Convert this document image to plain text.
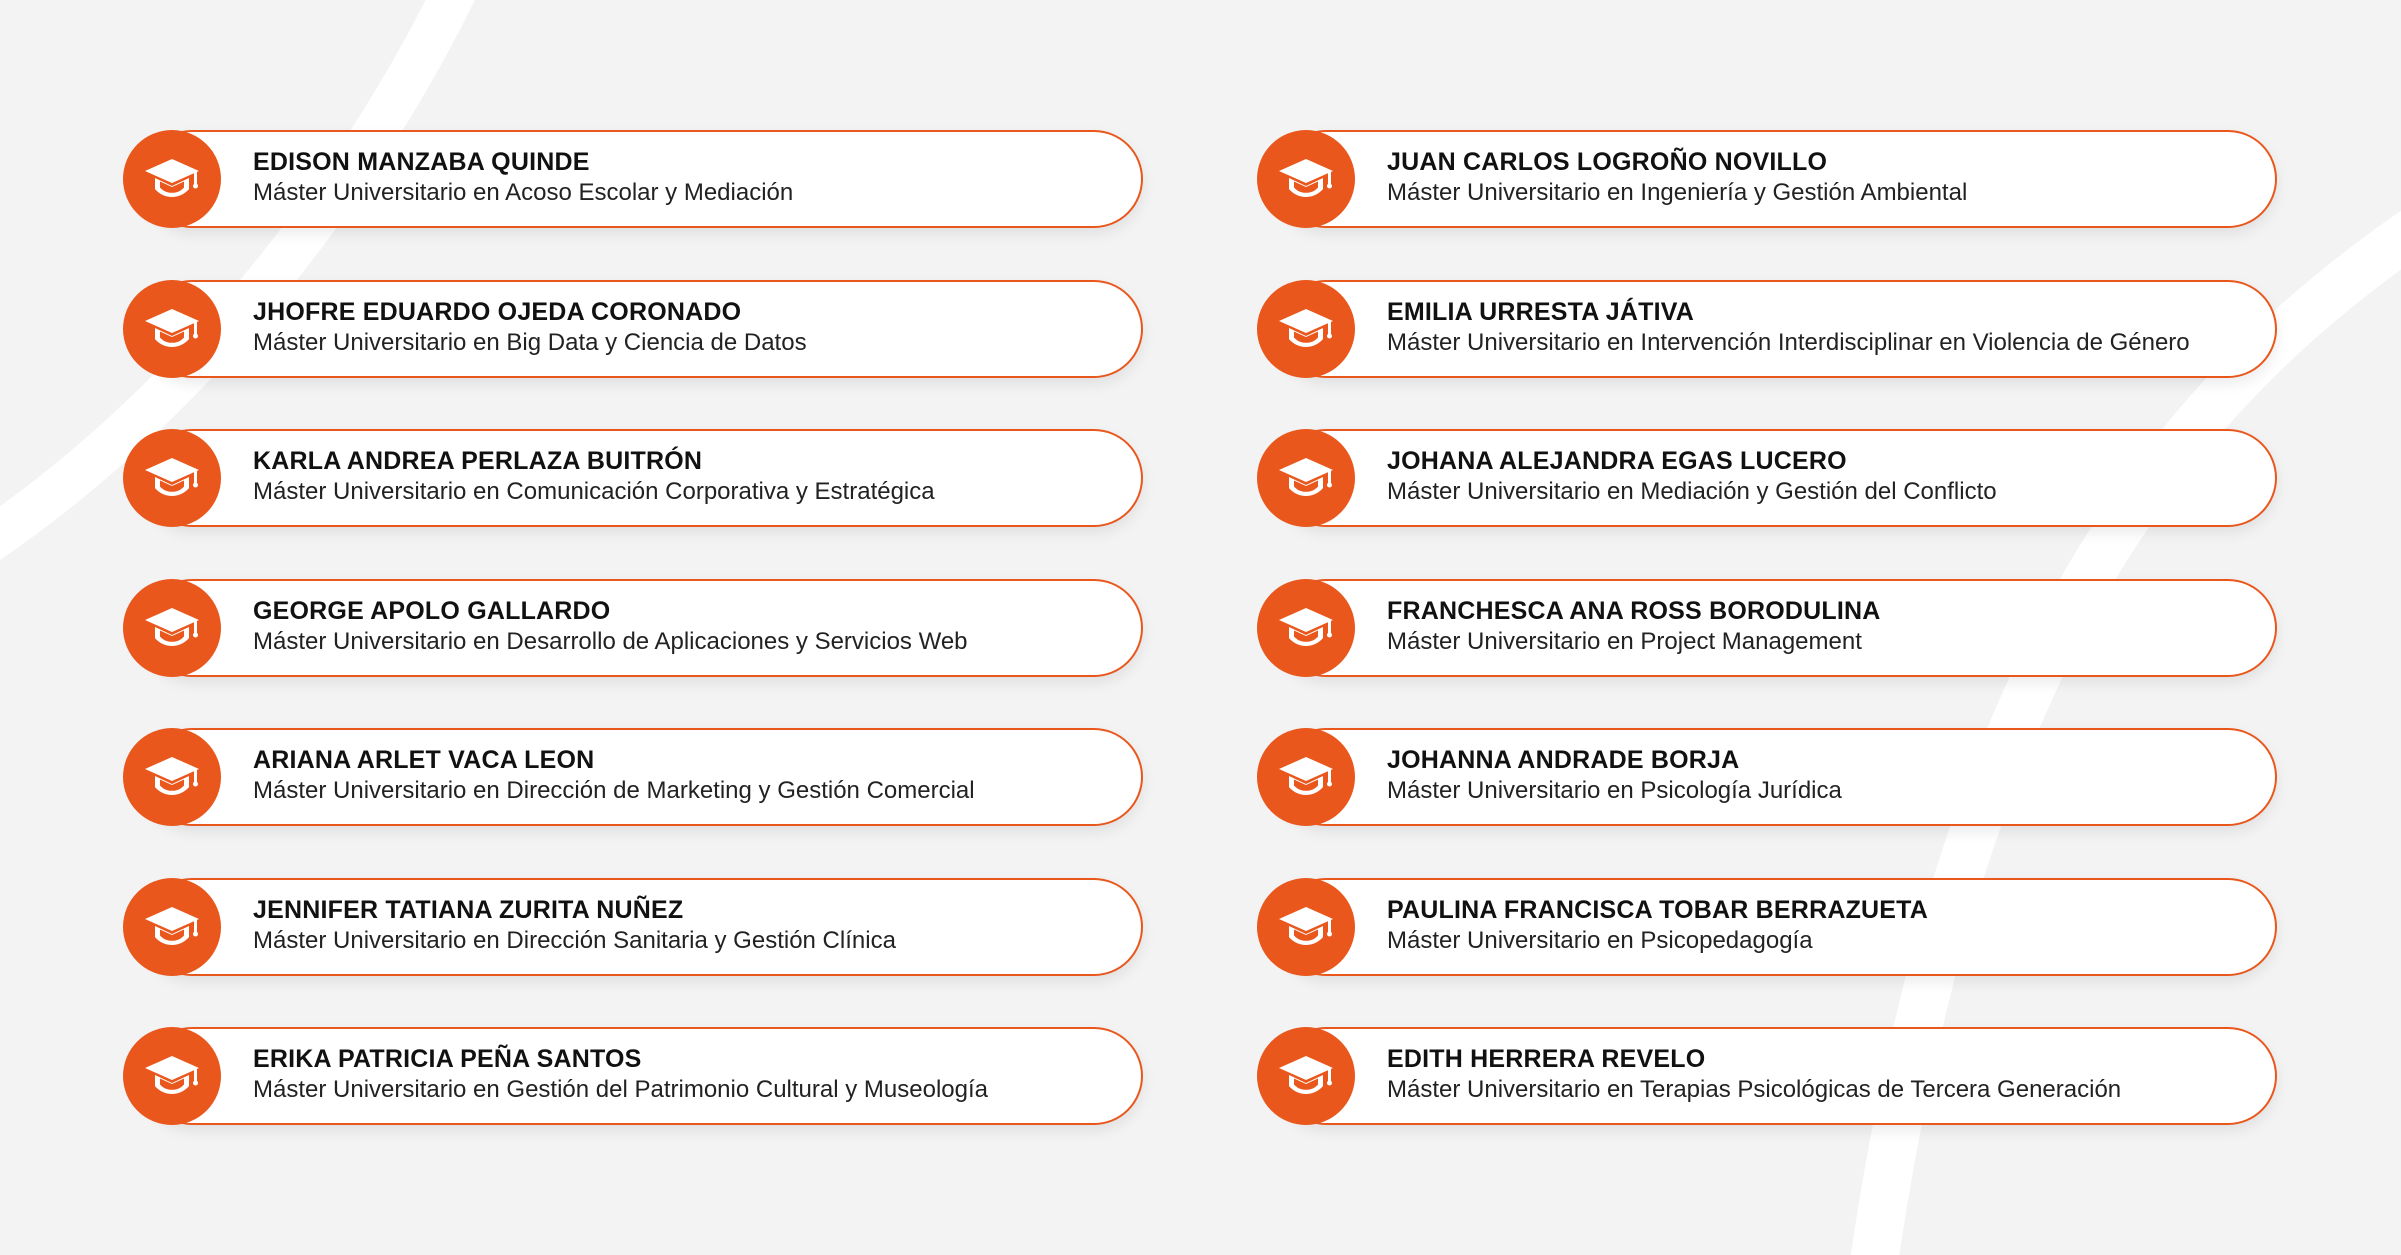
EDISON MANZABA QUINDE
Máster Universitario en Acoso Escolar y Mediación
JHOFRE EDUARDO OJEDA CORONADO
Máster Universitario en Big Data y Ciencia de Datos
KARLA ANDREA PERLAZA BUITRÓN
Máster Universitario en Comunicación Corporativa y Estratégica
GEORGE APOLO GALLARDO
Máster Universitario en Desarrollo de Aplicaciones y Servicios Web
ARIANA ARLET VACA LEON
Máster Universitario en Dirección de Marketing y Gestión Comercial
JENNIFER TATIANA ZURITA NUÑEZ
Máster Universitario en Dirección Sanitaria y Gestión Clínica
ERIKA PATRICIA PEÑA SANTOS
Máster Universitario en Gestión del Patrimonio Cultural y Museología
JUAN CARLOS LOGROÑO NOVILLO
Máster Universitario en Ingeniería y Gestión Ambiental
EMILIA URRESTA JÁTIVA
Máster Universitario en Intervención Interdisciplinar en Violencia de Género
JOHANA ALEJANDRA EGAS LUCERO
Máster Universitario en Mediación y Gestión del Conflicto
FRANCHESCA ANA ROSS BORODULINA
Máster Universitario en Project Management
JOHANNA ANDRADE BORJA
Máster Universitario en Psicología Jurídica
PAULINA FRANCISCA TOBAR BERRAZUETA
Máster Universitario en Psicopedagogía
EDITH HERRERA REVELO
Máster Universitario en Terapias Psicológicas de Tercera Generación
